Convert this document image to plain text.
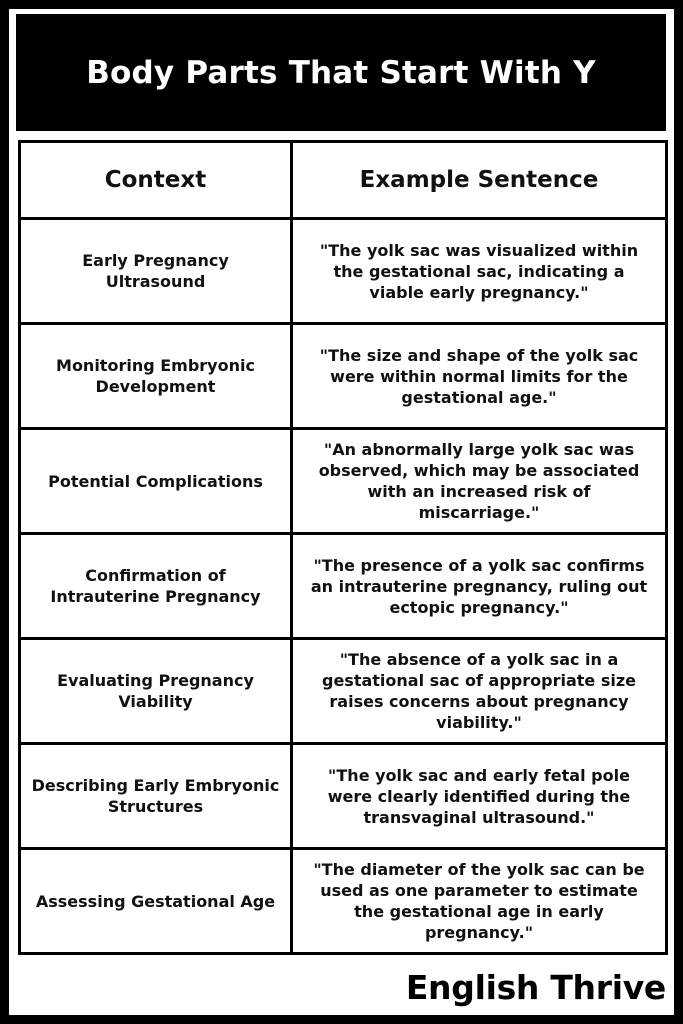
Body Parts That Start With Y
Context	Example Sentence
Early Pregnancy Ultrasound	"The yolk sac was visualized within the gestational sac, indicating a viable early pregnancy."
Monitoring Embryonic Development	"The size and shape of the yolk sac were within normal limits for the gestational age."
Potential Complications	"An abnormally large yolk sac was observed, which may be associated with an increased risk of miscarriage."
Confirmation of Intrauterine Pregnancy	"The presence of a yolk sac confirms an intrauterine pregnancy, ruling out ectopic pregnancy."
Evaluating Pregnancy Viability	"The absence of a yolk sac in a gestational sac of appropriate size raises concerns about pregnancy viability."
Describing Early Embryonic Structures	"The yolk sac and early fetal pole were clearly identified during the transvaginal ultrasound."
Assessing Gestational Age	"The diameter of the yolk sac can be used as one parameter to estimate the gestational age in early pregnancy."
English Thrive
